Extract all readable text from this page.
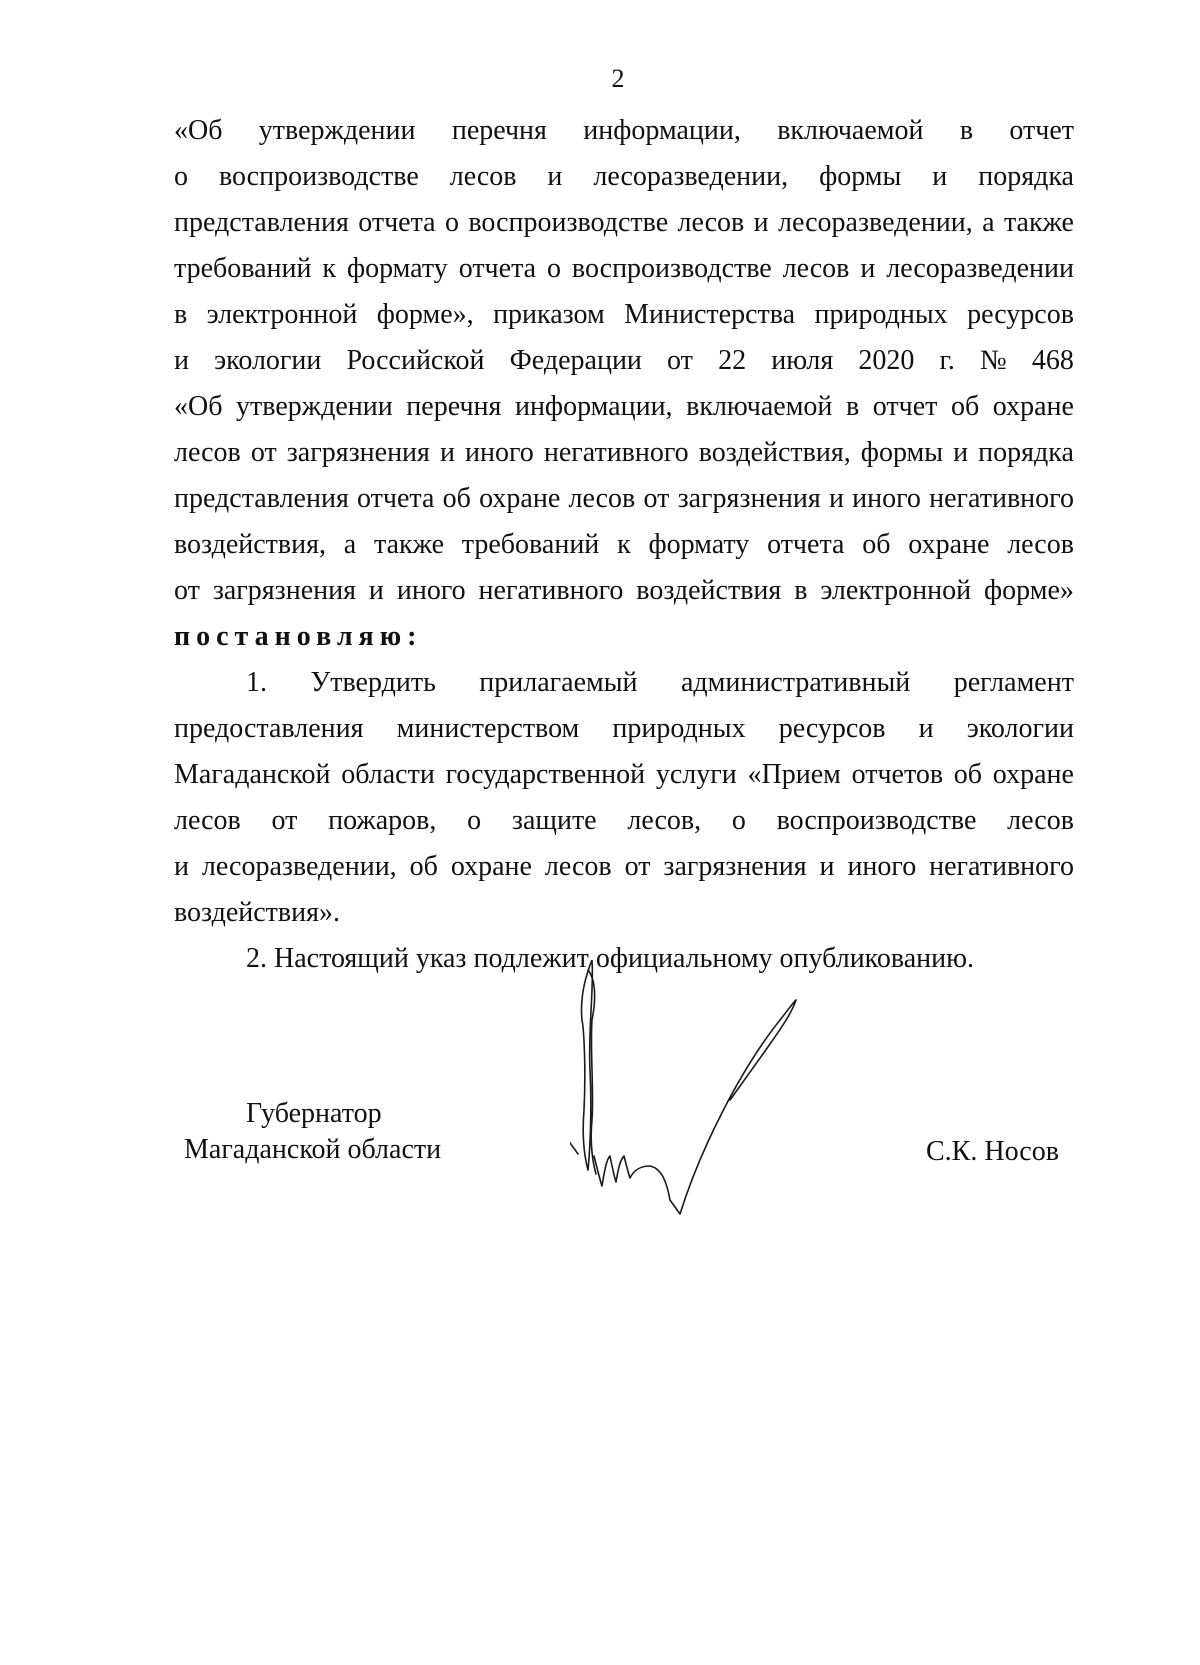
2
«Об утверждении перечня информации, включаемой в отчет
о воспроизводстве лесов и лесоразведении, формы и порядка
представления отчета о воспроизводстве лесов и лесоразведении, а также
требований к формату отчета о воспроизводстве лесов и лесоразведении
в электронной форме», приказом Министерства природных ресурсов
и экологии Российской Федерации от 22 июля 2020 г. № 468
«Об утверждении перечня информации, включаемой в отчет об охране
лесов от загрязнения и иного негативного воздействия, формы и порядка
представления отчета об охране лесов от загрязнения и иного негативного
воздействия, а также требований к формату отчета об охране лесов
от загрязнения и иного негативного воздействия в электронной форме»
постановляю:
1. Утвердить прилагаемый административный регламент
предоставления министерством природных ресурсов и экологии
Магаданской области государственной услуги «Прием отчетов об охране
лесов от пожаров, о защите лесов, о воспроизводстве лесов
и лесоразведении, об охране лесов от загрязнения и иного негативного
воздействия».
2. Настоящий указ подлежит официальному опубликованию.
Губернатор
Магаданской области	С.К. Носов
